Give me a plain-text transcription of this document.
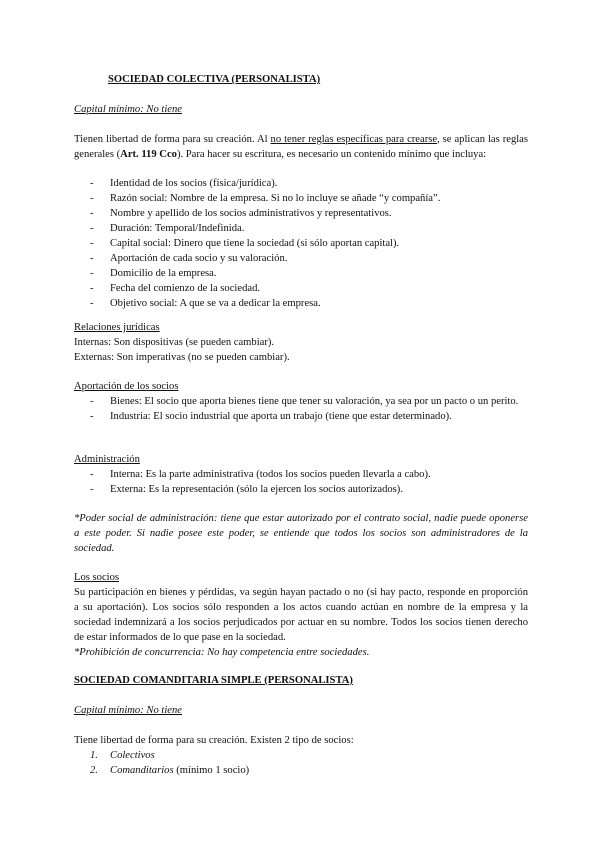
SOCIEDAD COLECTIVA (PERSONALISTA)
Capital mínimo: No tiene

Tienen libertad de forma para su creación. Al no tener reglas específicas para crearse, se aplican las reglas generales (Art. 119 Cco). Para hacer su escritura, es necesario un contenido mínimo que incluya:

- Identidad de los socios (física/jurídica).
- Razón social: Nombre de la empresa. Si no lo incluye se añade “y compañía”.
- Nombre y apellido de los socios administrativos y representativos.
- Duración: Temporal/Indefinida.
- Capital social: Dinero que tiene la sociedad (si sólo aportan capital).
- Aportación de cada socio y su valoración.
- Domicilio de la empresa.
- Fecha del comienzo de la sociedad.
- Objetivo social: A que se va a dedicar la empresa.
Relaciones jurídicas
Internas: Son dispositivas (se pueden cambiar).
Externas: Son imperativas (no se pueden cambiar).
Aportación de los socios
- Bienes: El socio que aporta bienes tiene que tener su valoración, ya sea por un pacto o un perito.
- Industria: El socio industrial que aporta un trabajo (tiene que estar determinado).
Administración
- Interna: Es la parte administrativa (todos los socios pueden llevarla a cabo).
- Externa: Es la representación (sólo la ejercen los socios autorizados).

*Poder social de administración: tiene que estar autorizado por el contrato social, nadie puede oponerse a este poder. Si nadie posee este poder, se entiende que todos los socios son administradores de la sociedad.

Los socios

Su participación en bienes y pérdidas, va según hayan pactado o no (si hay pacto, responde en proporción a su aportación). Los socios sólo responden a los actos cuando actúan en nombre de la empresa y la sociedad indemnizará a los socios perjudicados por actuar en su nombre. Todos los socios tienen derecho de estar informados de lo que pase en la sociedad.

*Prohibición de concurrencia: No hay competencia entre sociedades.

SOCIEDAD COMANDITARIA SIMPLE (PERSONALISTA)
Capital mínimo: No tiene
Tiene libertad de forma para su creación. Existen 2 tipo de socios:
1. Colectivos
2. Comanditarios (mínimo 1 socio)
